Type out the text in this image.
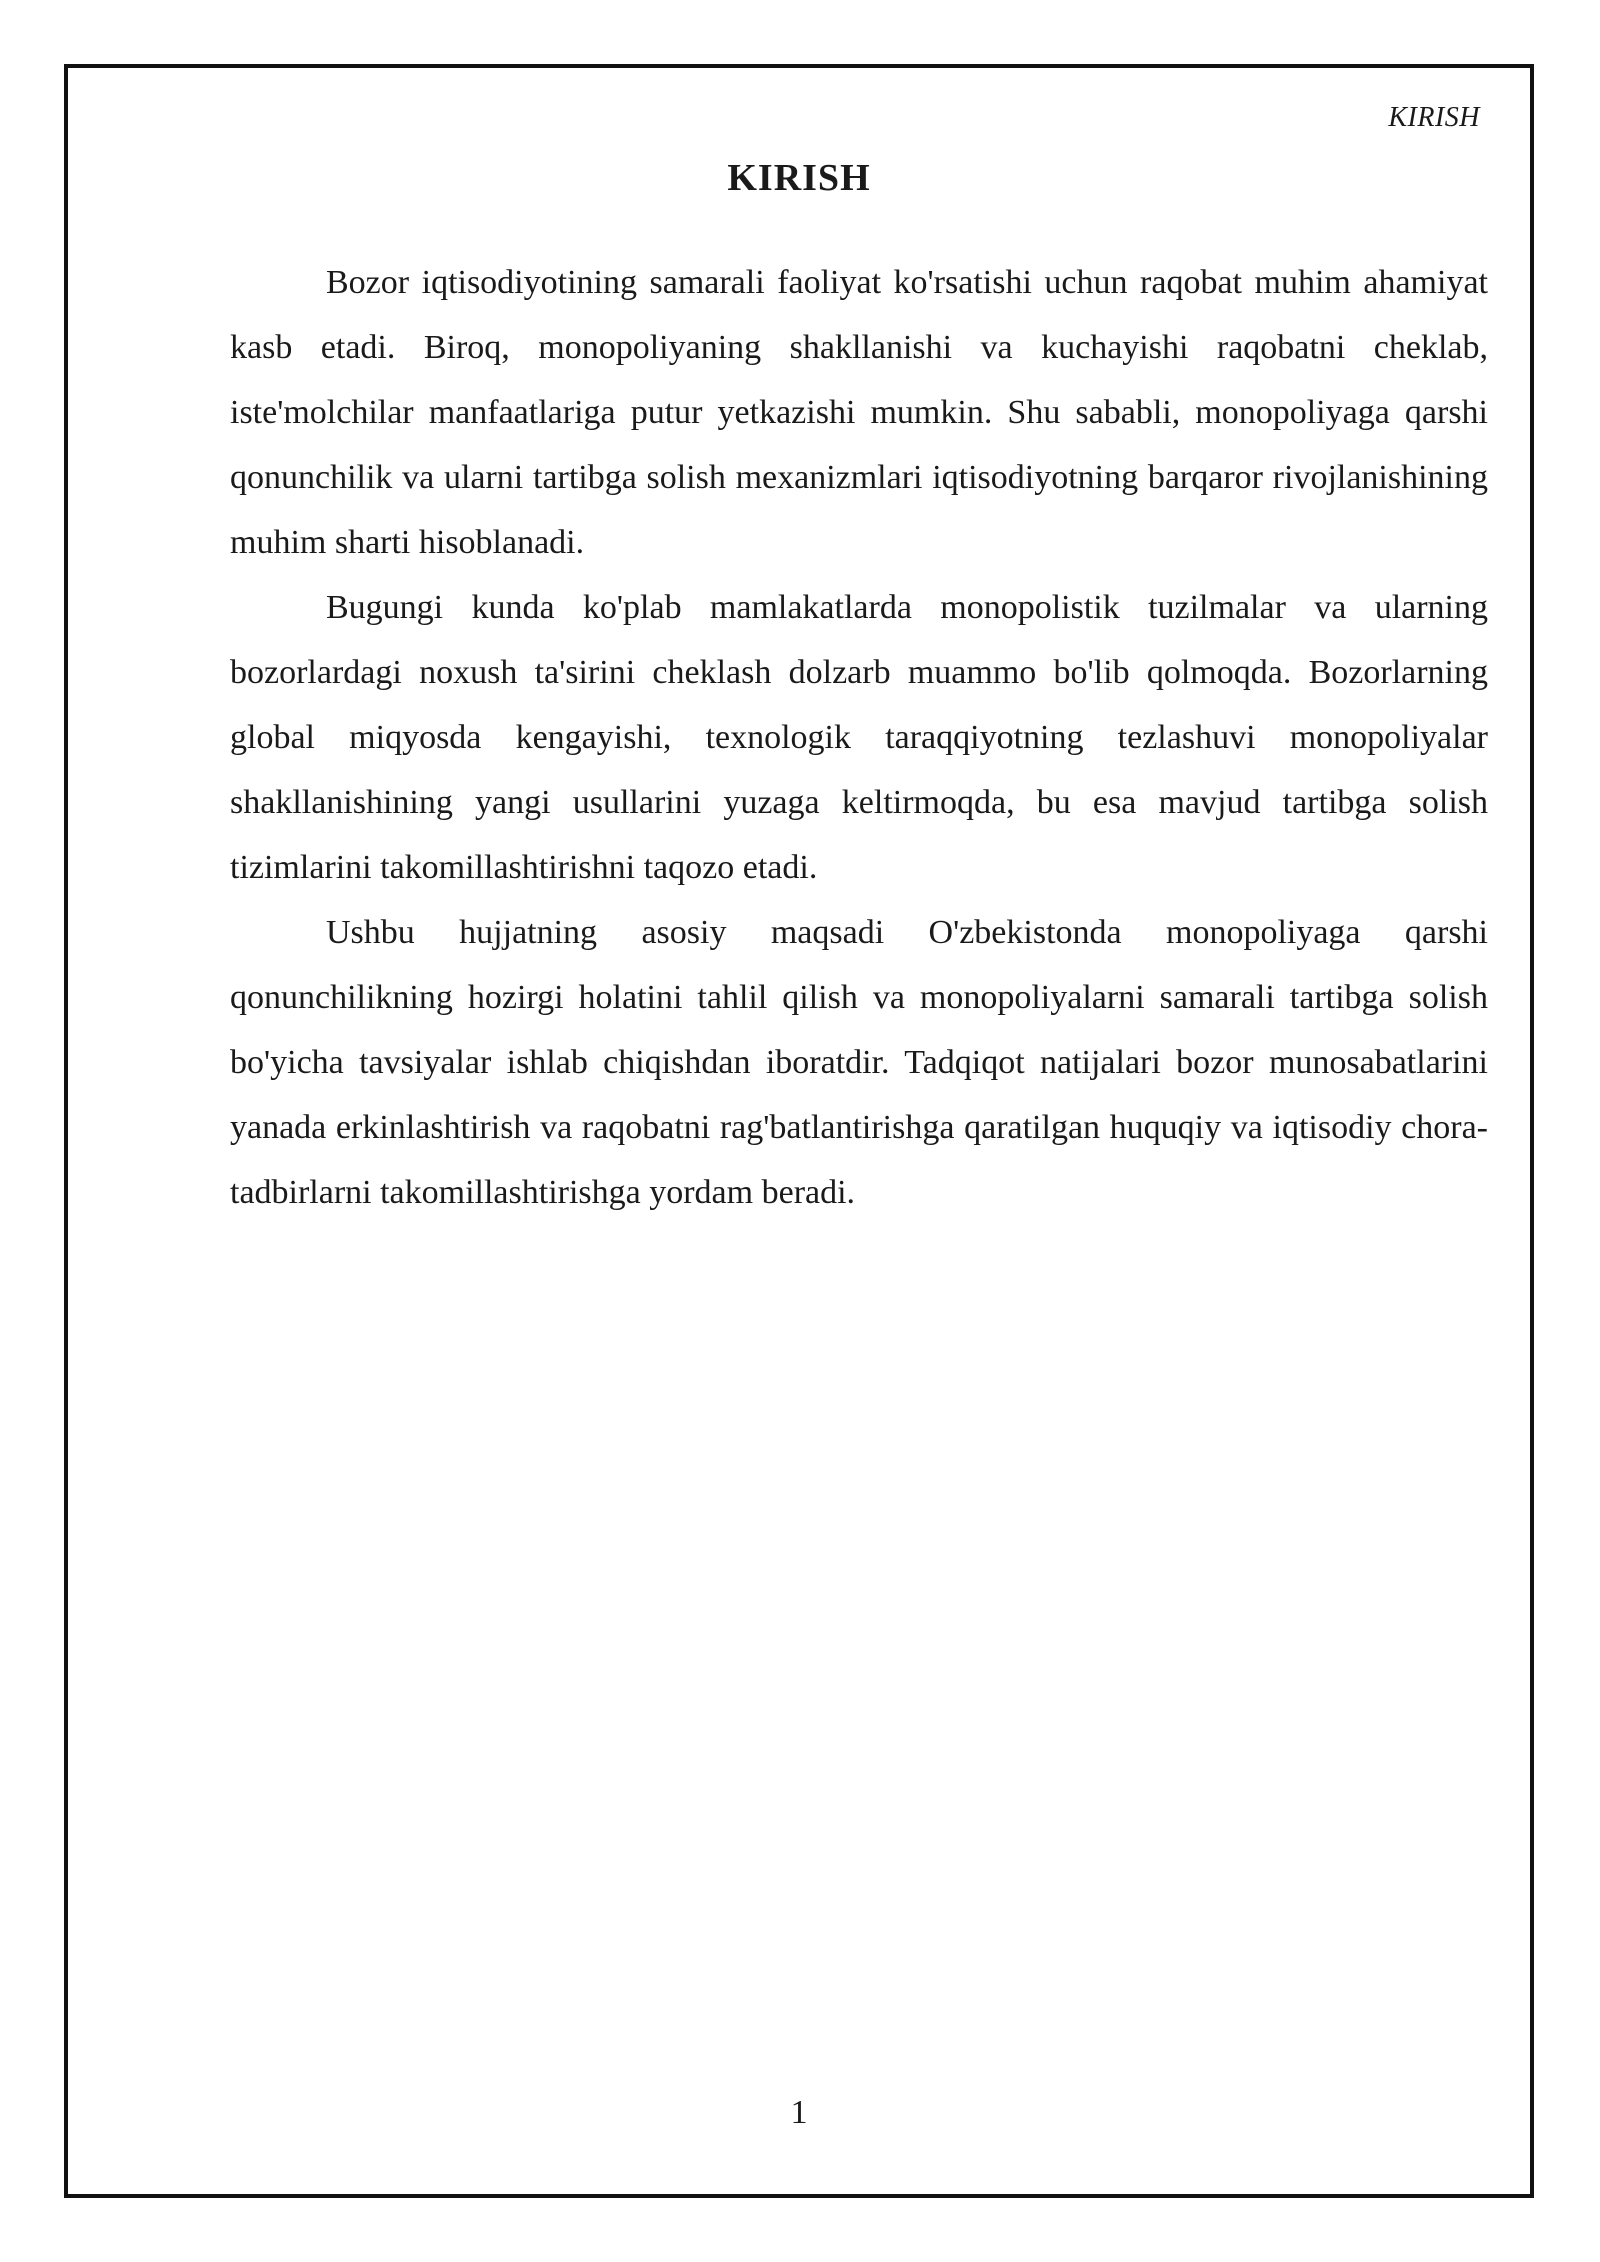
KIRISH
KIRISH

Bozor iqtisodiyotining samarali faoliyat ko'rsatishi uchun raqobat muhim ahamiyat kasb etadi. Biroq, monopoliyaning shakllanishi va kuchayishi raqobatni cheklab, iste'molchilar manfaatlariga putur yetkazishi mumkin. Shu sababli, monopoliyaga qarshi qonunchilik va ularni tartibga solish mexanizmlari iqtisodiyotning barqaror rivojlanishining muhim sharti hisoblanadi.

Bugungi kunda ko'plab mamlakatlarda monopolistik tuzilmalar va ularning bozorlardagi noxush ta'sirini cheklash dolzarb muammo bo'lib qolmoqda. Bozorlarning global miqyosda kengayishi, texnologik taraqqiyotning tezlashuvi monopoliyalar shakllanishining yangi usullarini yuzaga keltirmoqda, bu esa mavjud tartibga solish tizimlarini takomillashtirishni taqozo etadi.

Ushbu hujjatning asosiy maqsadi O'zbekistonda monopoliyaga qarshi qonunchilikning hozirgi holatini tahlil qilish va monopoliyalarni samarali tartibga solish bo'yicha tavsiyalar ishlab chiqishdan iboratdir. Tadqiqot natijalari bozor munosabatlarini yanada erkinlashtirish va raqobatni rag'batlantirishga qaratilgan huquqiy va iqtisodiy chora-tadbirlarni takomillashtirishga yordam beradi.

1
